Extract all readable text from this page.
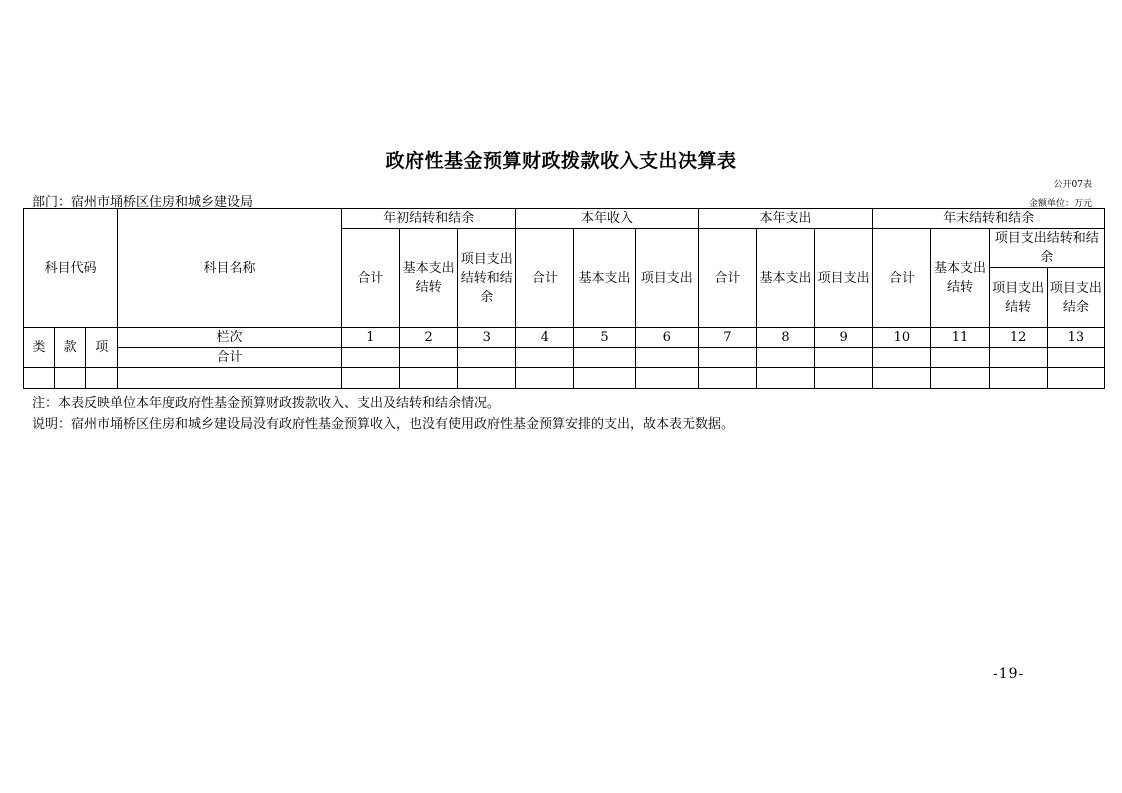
政府性基金预算财政拨款收入支出决算表
公开07表
金额单位：万元
部门：宿州市埇桥区住房和城乡建设局
科目代码			科目名称	年初结转和结余			本年收入			本年支出			年末结转和结余			
				合计	基本支出结转	项目支出结转和结余	合计	基本支出	项目支出	合计	基本支出	项目支出	合计	基本支出结转	项目支出结转和结余	
															项目支出结转	项目支出结余
类	款	项	栏次	1	2	3	4	5	6	7	8	9	10	11	12	13
			合计													

注：本表反映单位本年度政府性基金预算财政拨款收入、支出及结转和结余情况。
说明：宿州市埇桥区住房和城乡建设局没有政府性基金预算收入，也没有使用政府性基金预算安排的支出，故本表无数据。
-19-
